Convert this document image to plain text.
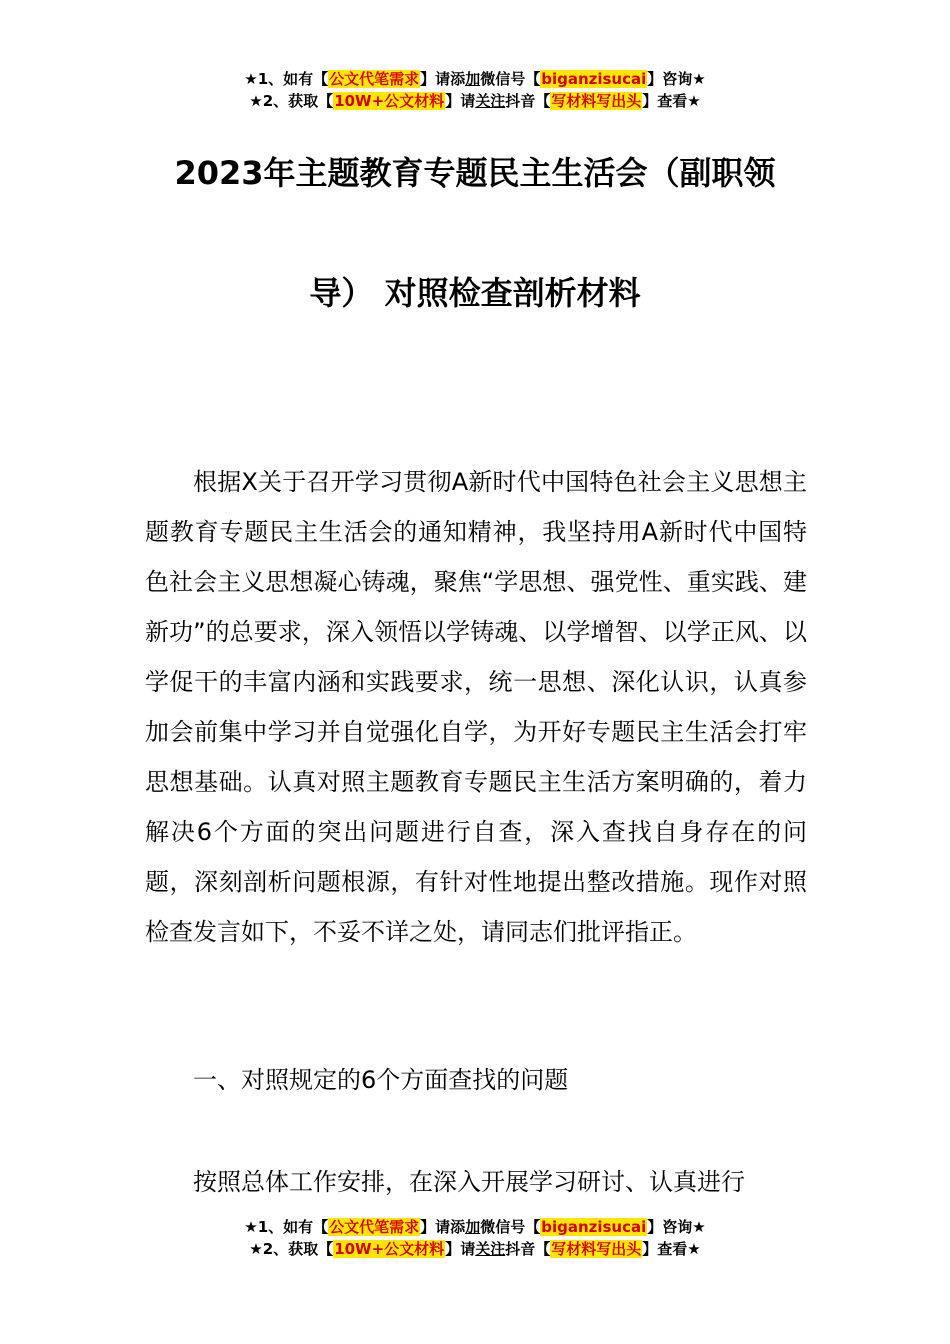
★1、如有【公文代笔需求】请添加微信号【biganzisucai】咨询★
★2、获取【10W+公文材料】请关注抖音【写材料写出头】查看★
2023年主题教育专题民主生活会（副职领
导） 对照检查剖析材料

根据X关于召开学习贯彻A新时代中国特色社会主义思想主题教育专题民主生活会的通知精神，我坚持用A新时代中国特色社会主义思想凝心铸魂，聚焦“学思想、强党性、重实践、建新功”的总要求，深入领悟以学铸魂、以学增智、以学正风、以学促干的丰富内涵和实践要求，统一思想、深化认识，认真参加会前集中学习并自觉强化自学，为开好专题民主生活会打牢思想基础。认真对照主题教育专题民主生活方案明确的，着力解决6个方面的突出问题进行自查，深入查找自身存在的问题，深刻剖析问题根源，有针对性地提出整改措施。现作对照检查发言如下，不妥不详之处，请同志们批评指正。

一、对照规定的6个方面查找的问题

按照总体工作安排，在深入开展学习研讨、认真进行

★1、如有【公文代笔需求】请添加微信号【biganzisucai】咨询★
★2、获取【10W+公文材料】请关注抖音【写材料写出头】查看★
